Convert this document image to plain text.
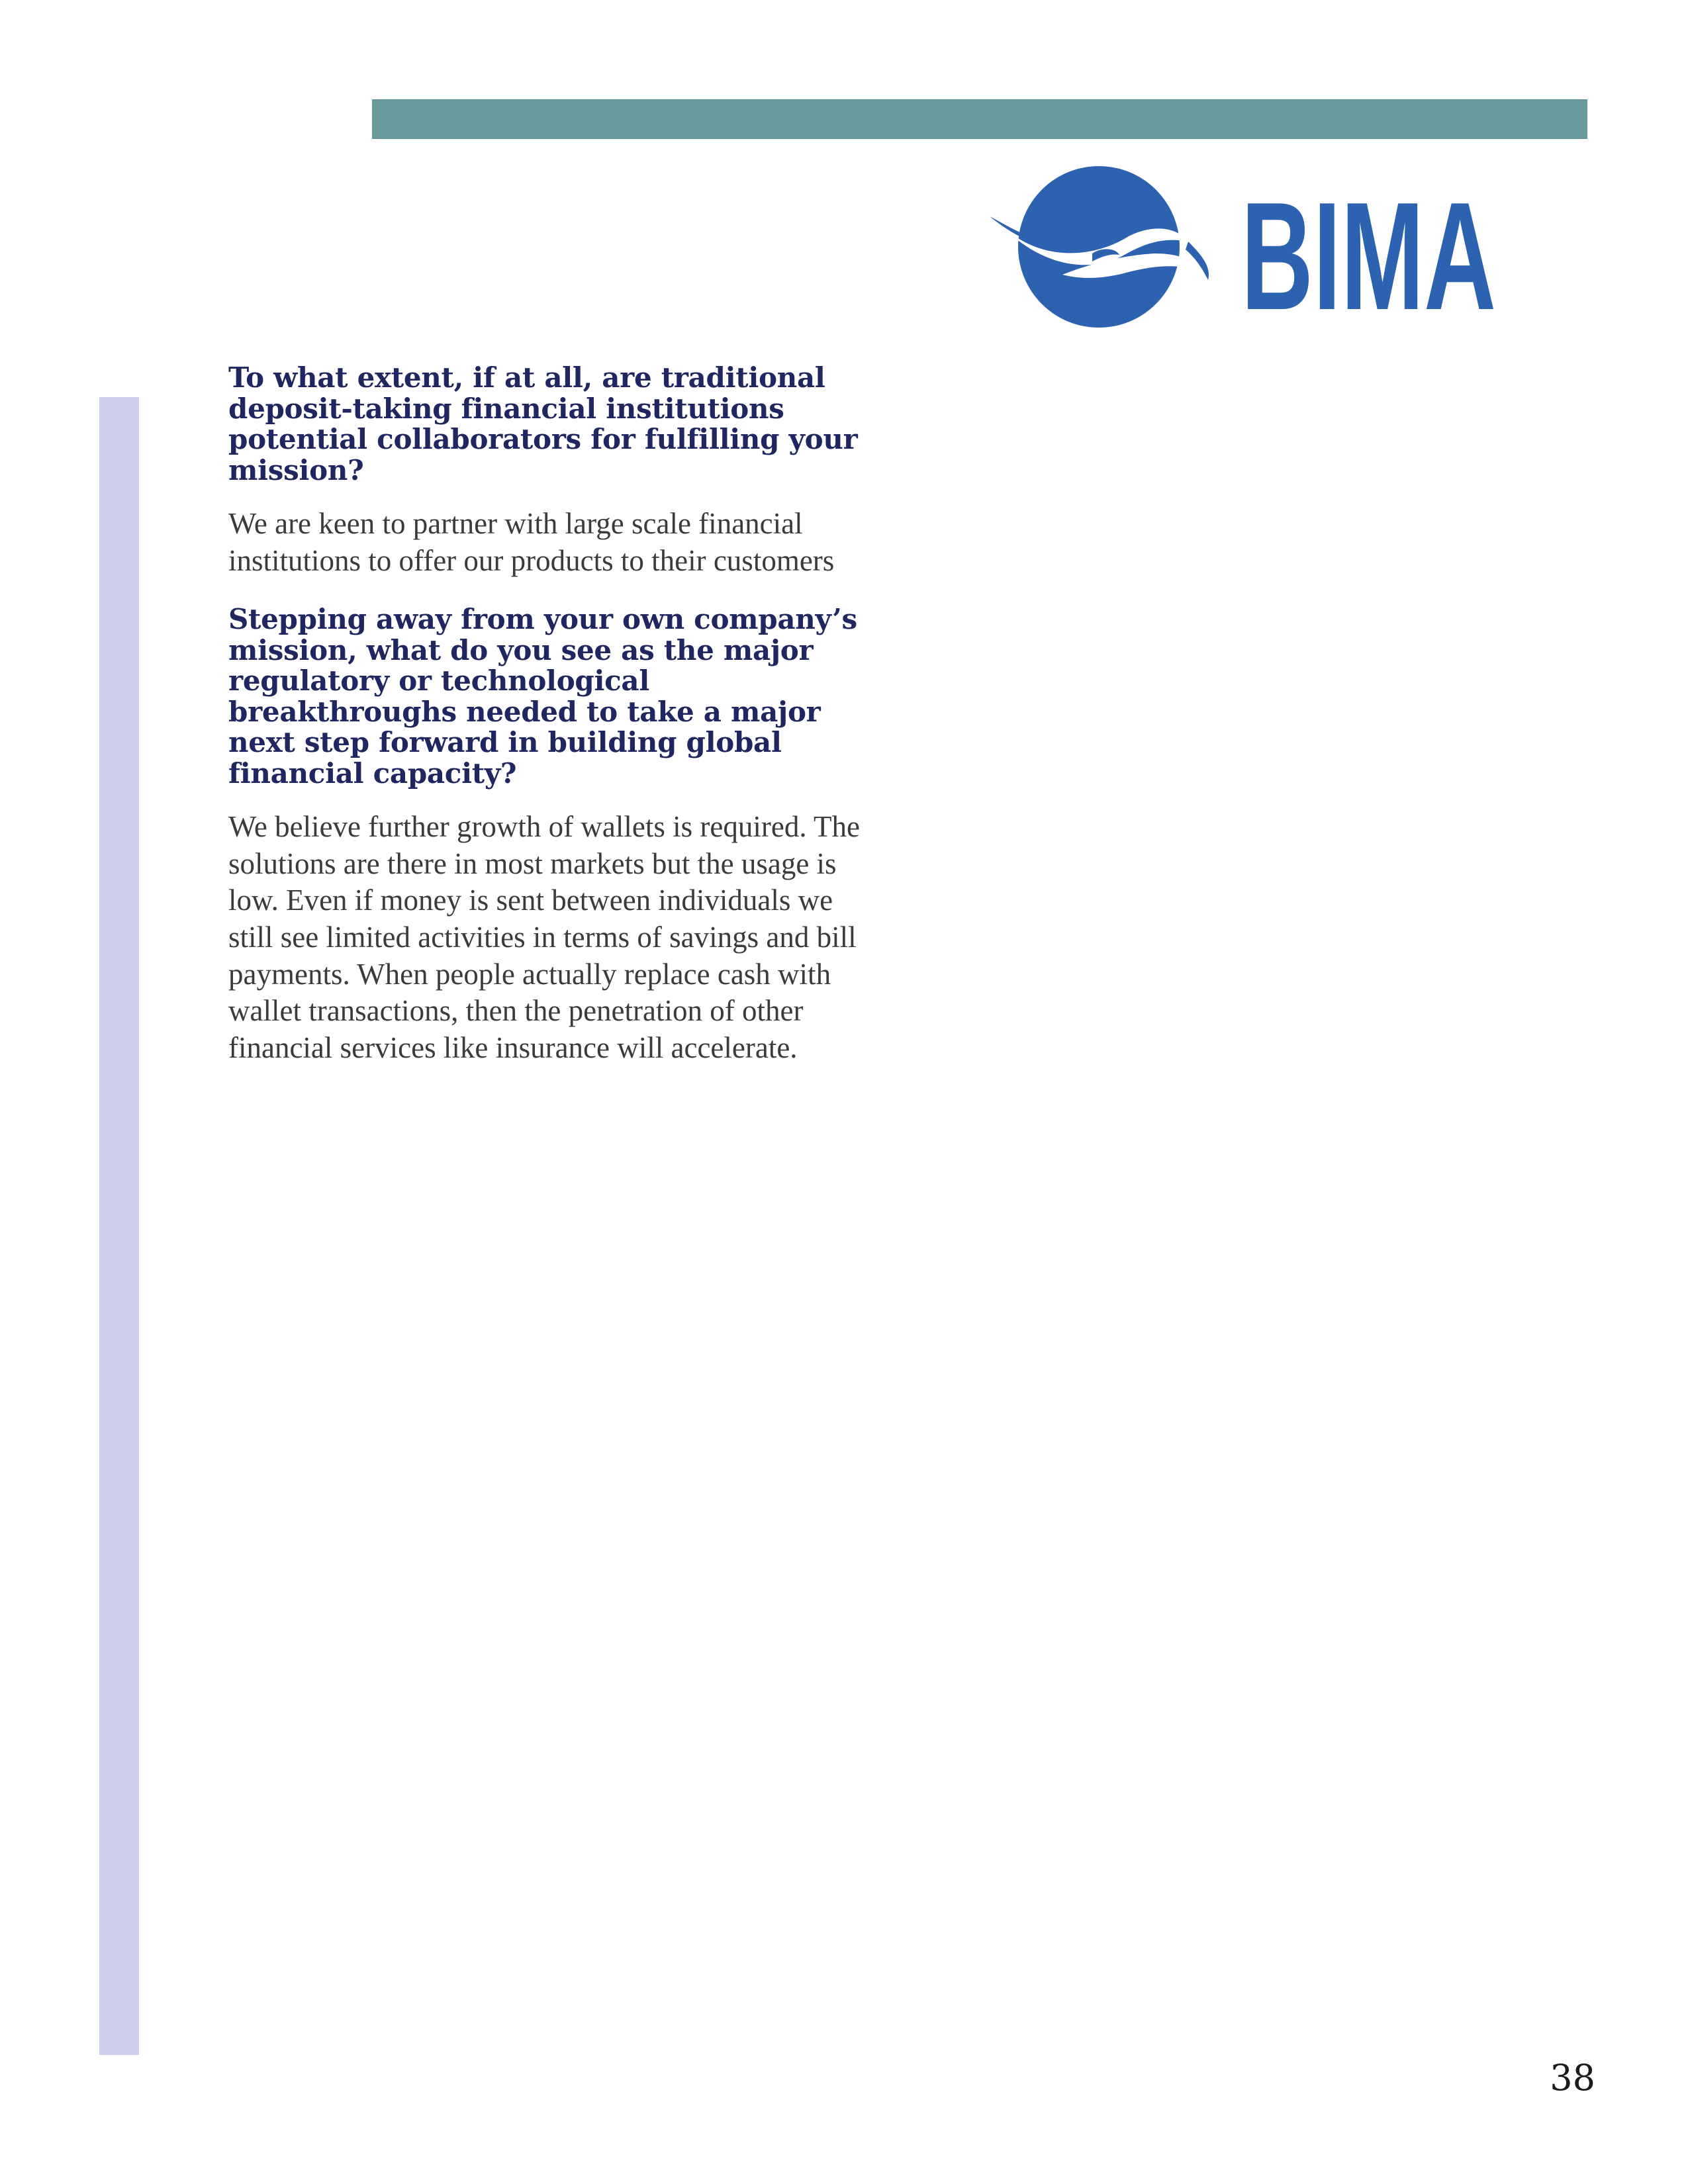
BIMA
To what extent, if at all, are traditional deposit-taking financial institutions potential collaborators for fulfilling your mission?

We are keen to partner with large scale financial institutions to offer our products to their customers

Stepping away from your own company’s mission, what do you see as the major regulatory or technological breakthroughs needed to take a major next step forward in building global financial capacity?

We believe further growth of wallets is required. The solutions are there in most markets but the usage is low. Even if money is sent between individuals we still see limited activities in terms of savings and bill payments. When people actually replace cash with wallet transactions, then the penetration of other financial services like insurance will accelerate.

38
